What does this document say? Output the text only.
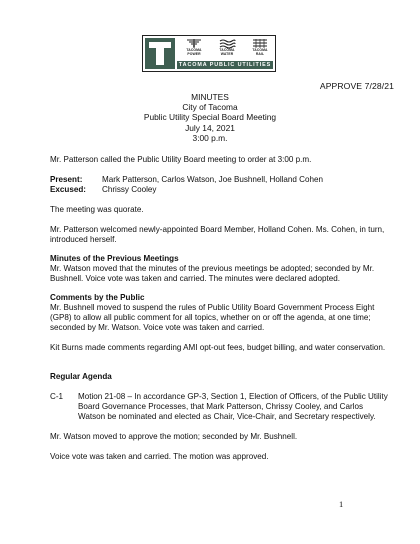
TACOMA
POWER
TACOMA
WATER
TACOMA
RAIL
TACOMA PUBLIC UTILITIES
APPROVE 7/28/21
MINUTES
City of Tacoma
Public Utility Special Board Meeting
July 14, 2021
3:00 p.m.

Mr. Patterson called the Public Utility Board meeting to order at 3:00 p.m.

Present: Mark Patterson, Carlos Watson, Joe Bushnell, Holland Cohen
Excused: Chrissy Cooley

The meeting was quorate.

Mr. Patterson welcomed newly-appointed Board Member, Holland Cohen. Ms. Cohen, in turn, introduced herself.

Minutes of the Previous Meetings

Mr. Watson moved that the minutes of the previous meetings be adopted; seconded by Mr. Bushnell. Voice vote was taken and carried. The minutes were declared adopted.

Comments by the Public

Mr. Bushnell moved to suspend the rules of Public Utility Board Government Process Eight (GP8) to allow all public comment for all topics, whether on or off the agenda, at one time; seconded by Mr. Watson. Voice vote was taken and carried.

Kit Burns made comments regarding AMI opt-out fees, budget billing, and water conservation.

Regular Agenda
C-1 Motion 21-08 – In accordance GP-3, Section 1, Election of Officers, of the Public Utility Board Governance Processes, that Mark Patterson, Chrissy Cooley, and Carlos Watson be nominated and elected as Chair, Vice-Chair, and Secretary respectively.

Mr. Watson moved to approve the motion; seconded by Mr. Bushnell.

Voice vote was taken and carried. The motion was approved.

1
